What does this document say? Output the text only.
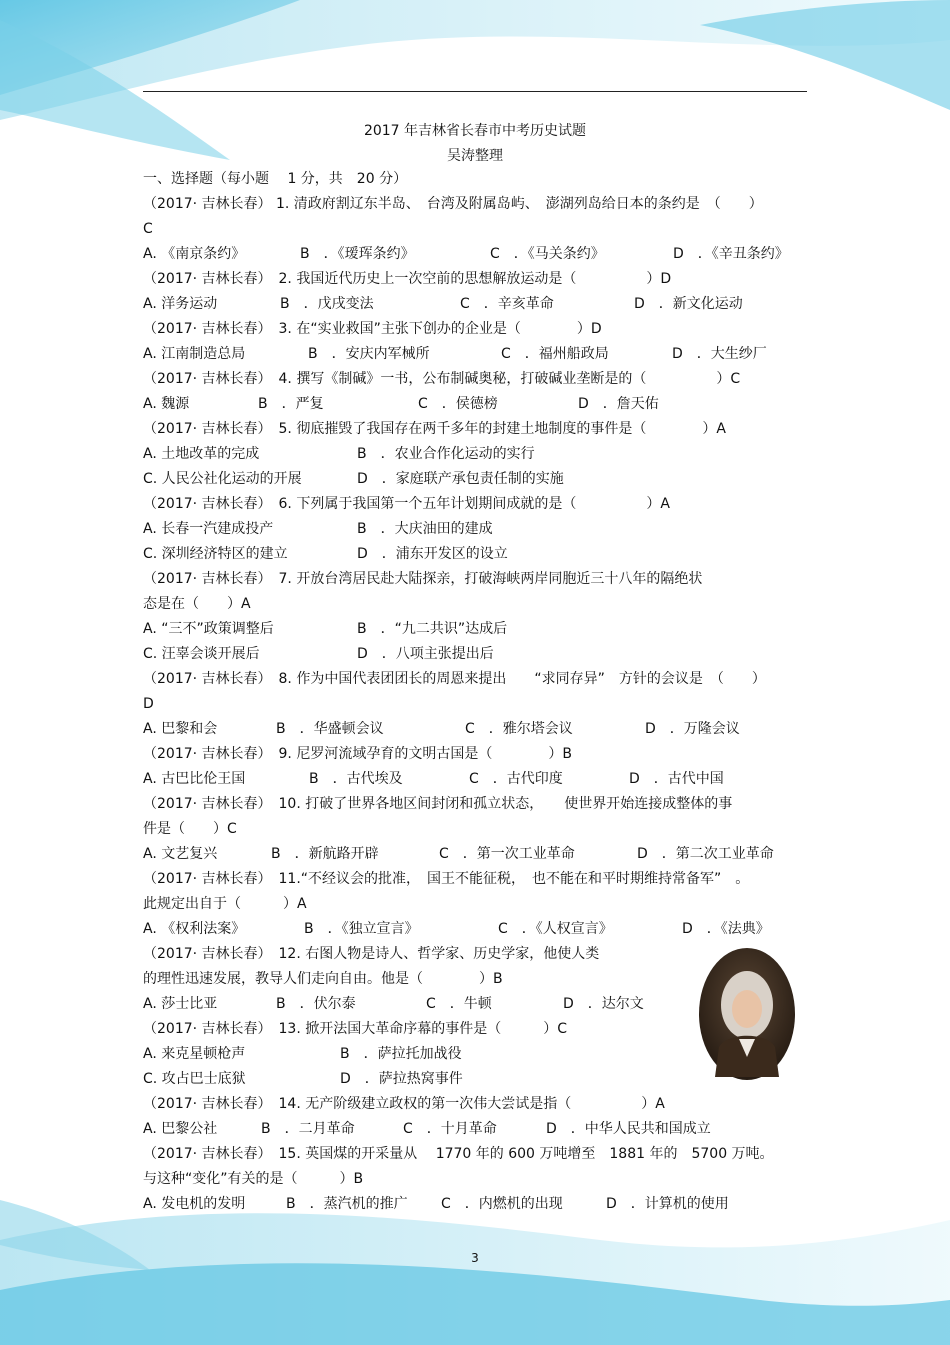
2017 年吉林省长春市中考历史试题
吴涛整理
一、选择题（每小题　 1 分，共　20 分）
（2017· 吉林长春） 1. 清政府割辽东半岛、　台湾及附属岛屿、　澎湖列岛给日本的条约是　（　　）
C
A. 《南京条约》	B　．《瑷珲条约》	C　．《马关条约》	D　．《辛丑条约》
（2017· 吉林长春）　2. 我国近代历史上一次空前的思想解放运动是（　　　　　）D
A. 洋务运动	B　．戊戌变法	C　．辛亥革命	D　．新文化运动
（2017· 吉林长春）　3. 在“实业救国”主张下创办的企业是（　　　　）D
A. 江南制造总局	B　．安庆内军械所	C　．福州船政局	D　．大生纱厂
（2017· 吉林长春）　4. 撰写《制碱》一书，公布制碱奥秘，打破碱业垄断是的（　　　　　）C
A. 魏源	B　．严复	C　．侯德榜	D　．詹天佑
（2017· 吉林长春）　5. 彻底摧毁了我国存在两千多年的封建土地制度的事件是（　　　　）A
A. 土地改革的完成	B　．农业合作化运动的实行
C. 人民公社化运动的开展	D　．家庭联产承包责任制的实施
（2017· 吉林长春）　6. 下列属于我国第一个五年计划期间成就的是（　　　　　）A
A. 长春一汽建成投产	B　．大庆油田的建成
C. 深圳经济特区的建立	D　．浦东开发区的设立
（2017· 吉林长春）　7. 开放台湾居民赴大陆探亲，打破海峡两岸同胞近三十八年的隔绝状
态是在（　　）A
A. “三不”政策调整后	B　．“九二共识”达成后
C. 汪辜会谈开展后	D　．八项主张提出后
（2017· 吉林长春）　8. 作为中国代表团团长的周恩来提出　　“求同存异”　方针的会议是　（　　）
D
A. 巴黎和会	B　．华盛顿会议	C　．雅尔塔会议	D　．万隆会议
（2017· 吉林长春）　9. 尼罗河流域孕育的文明古国是（　　　　）B
A. 古巴比伦王国	B　．古代埃及	C　．古代印度	D　．古代中国
（2017· 吉林长春）　10. 打破了世界各地区间封闭和孤立状态，　　使世界开始连接成整体的事
件是（　　）C
A. 文艺复兴	B　．新航路开辟	C　．第一次工业革命	D　．第二次工业革命
（2017· 吉林长春）　11.“不经议会的批准，　国王不能征税，　也不能在和平时期维持常备军”　。
此规定出自于（　　　）A
A. 《权利法案》	B　．《独立宣言》	C　．《人权宣言》	D　．《法典》
（2017· 吉林长春）　12. 右图人物是诗人、哲学家、历史学家，他使人类
的理性迅速发展，教导人们走向自由。他是（　　　　）B
A. 莎士比亚	B　．伏尔泰	C　．牛顿	D　．达尔文
（2017· 吉林长春）　13. 掀开法国大革命序幕的事件是（　　　）C
A. 来克星顿枪声	B　．萨拉托加战役
C. 攻占巴士底狱	D　．萨拉热窝事件
（2017· 吉林长春）　14. 无产阶级建立政权的第一次伟大尝试是指（　　　　　）A
A. 巴黎公社	B　．二月革命	C　．十月革命	D　．中华人民共和国成立
（2017· 吉林长春）　15. 英国煤的开采量从　 1770 年的 600 万吨增至　1881 年的　5700 万吨。
与这种“变化”有关的是（　　　）B
A. 发电机的发明	B　．蒸汽机的推广 C　．内燃机的出现	D　．计算机的使用
3
